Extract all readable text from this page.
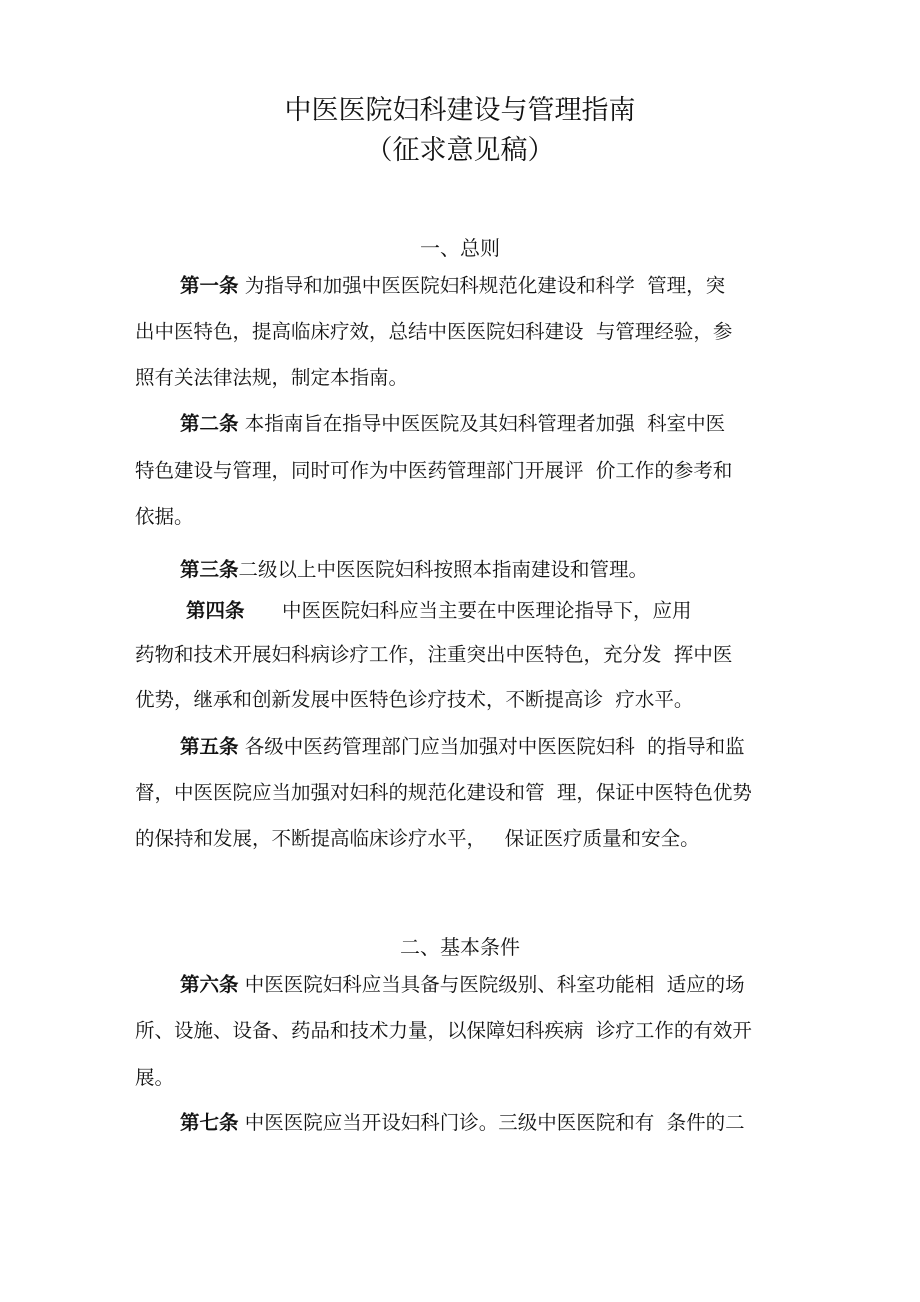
中医医院妇科建设与管理指南
（征求意见稿）
一、总则
第一条 为指导和加强中医医院妇科规范化建设和科学  管理，突
出中医特色，提高临床疗效，总结中医医院妇科建设  与管理经验，参
照有关法律法规，制定本指南。
第二条 本指南旨在指导中医医院及其妇科管理者加强  科室中医
特色建设与管理，同时可作为中医药管理部门开展评  价工作的参考和
依据。
第三条二级以上中医医院妇科按照本指南建设和管理。
第四条 中医医院妇科应当主要在中医理论指导下，应用
药物和技术开展妇科病诊疗工作，注重突出中医特色，充分发  挥中医
优势，继承和创新发展中医特色诊疗技术，不断提高诊  疗水平。
第五条 各级中医药管理部门应当加强对中医医院妇科  的指导和监
督，中医医院应当加强对妇科的规范化建设和管  理，保证中医特色优势
的保持和发展，不断提高临床诊疗水平，   保证医疗质量和安全。
二、基本条件
第六条 中医医院妇科应当具备与医院级别、科室功能相  适应的场
所、设施、设备、药品和技术力量，以保障妇科疾病  诊疗工作的有效开
展。
第七条 中医医院应当开设妇科门诊。三级中医医院和有  条件的二
